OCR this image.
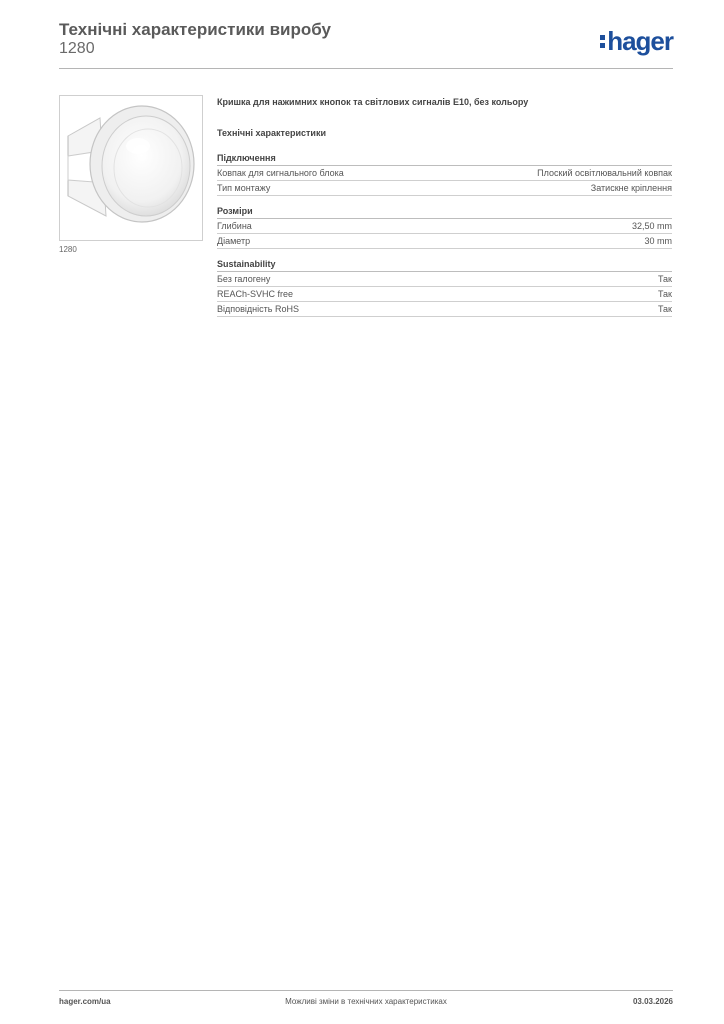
Технічні характеристики виробу
1280	hager
1280

Кришка для нажимних кнопок та світлових сигналів E10, без кольору

Технічні характеристики
Підключення
Ковпак для сигнального блока	Плоский освітлювальний ковпак
Тип монтажу	Затискне кріплення
Розміри
Глибина	32,50 mm
Діаметр	30 mm
Sustainability
Без галогену	Так
REACh-SVHC free	Так
Відповідність RoHS	Так
Можливі зміни в технічних характеристиках
hager.com/ua	03.03.2026
